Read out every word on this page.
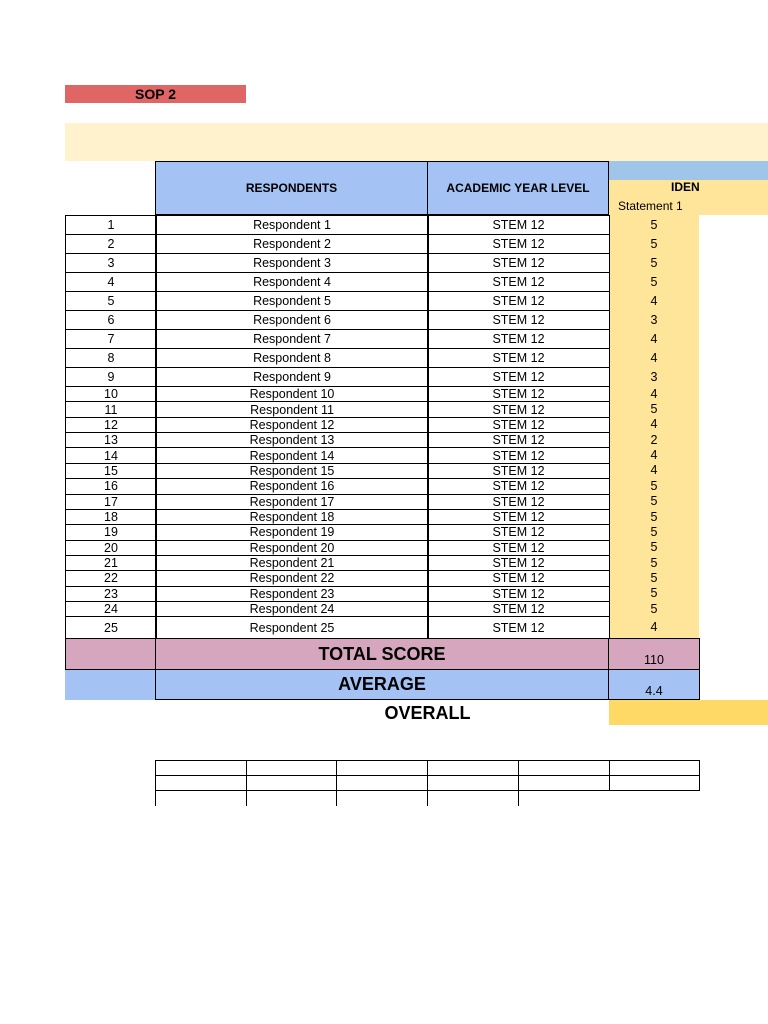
SOP 2
RESPONDENTS	ACADEMIC YEAR LEVEL	IDEN
Statement 1
1	Respondent 1	STEM 12	5
2	Respondent 2	STEM 12	5
3	Respondent 3	STEM 12	5
4	Respondent 4	STEM 12	5
5	Respondent 5	STEM 12	4
6	Respondent 6	STEM 12	3
7	Respondent 7	STEM 12	4
8	Respondent 8	STEM 12	4
9	Respondent 9	STEM 12	3
10	Respondent 10	STEM 12	4
11	Respondent 11	STEM 12	5
12	Respondent 12	STEM 12	4
13	Respondent 13	STEM 12	2
14	Respondent 14	STEM 12	4
15	Respondent 15	STEM 12	4
16	Respondent 16	STEM 12	5
17	Respondent 17	STEM 12	5
18	Respondent 18	STEM 12	5
19	Respondent 19	STEM 12	5
20	Respondent 20	STEM 12	5
21	Respondent 21	STEM 12	5
22	Respondent 22	STEM 12	5
23	Respondent 23	STEM 12	5
24	Respondent 24	STEM 12	5
25	Respondent 25	STEM 12	4
TOTAL SCORE	110
AVERAGE	4.4
OVERALL
